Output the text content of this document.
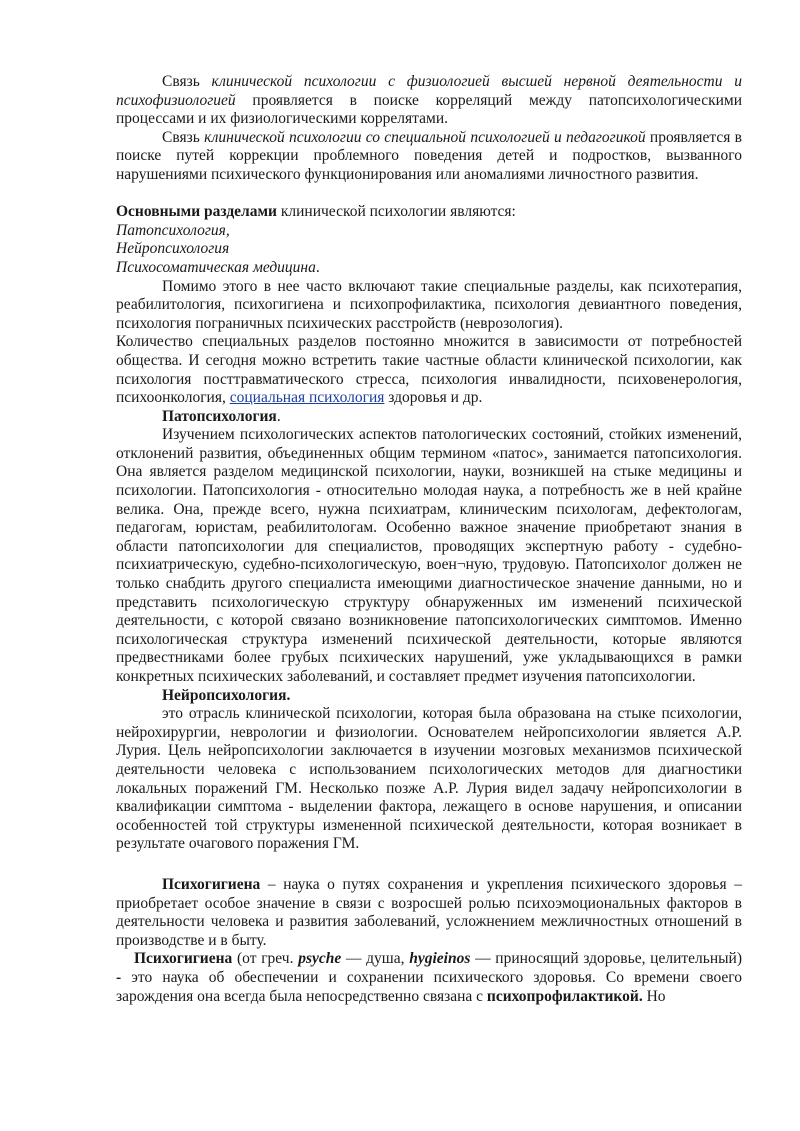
Связь клинической психологии с физиологией высшей нервной деятельности и психофизиологией проявляется в поиске корреляций между патопсихологическими процессами и их физиологическими коррелятами.

Связь клинической психологии со специальной психологией и педагогикой проявляется в поиске путей коррекции проблемного поведения детей и подростков, вызванного нарушениями психического функционирования или аномалиями личностного развития.

Основными разделами клинической психологии являются:

Патопсихология,

Нейропсихология

Психосоматическая медицина.

Помимо этого в нее часто включают такие специальные разделы, как психотерапия, реабилитология, психогигиена и психопрофилактика, психология девиантного поведения, психология пограничных психических расстройств (неврозология).

Количество специальных разделов постоянно множится в зависимости от потребностей общества. И сегодня можно встретить такие частные области клинической психологии, как психология посттравматического стресса, психология инвалидности, психовенерология, психоонкология, социальная психология здоровья и др.

Патопсихология.

Изучением психологических аспектов патологических состояний, стойких изменений, отклонений развития, объединенных общим термином «патос», занимается патопсихология. Она является разделом медицинской психологии, науки, возникшей на стыке медицины и психологии. Патопсихология - относительно молодая наука, а потребность же в ней крайне велика. Она, прежде всего, нужна психиатрам, клиническим психологам, дефектологам, педагогам, юристам, реабилитологам. Особенно важное значение приобретают знания в области патопсихологии для специалистов, проводящих экспертную работу - судебно-психиатрическую, судебно-психологическую, воен¬ную, трудовую. Патопсихолог должен не только снабдить другого специалиста имеющими диагностическое значение данными, но и представить психологическую структуру обнаруженных им изменений психической деятельности, с которой связано возникновение патопсихологических симптомов. Именно психологическая структура изменений психической деятельности, которые являются предвестниками более грубых психических нарушений, уже укладывающихся в рамки конкретных психических заболеваний, и составляет предмет изучения патопсихологии.

Нейропсихология.

это отрасль клинической психологии, которая была образована на стыке психологии, нейрохирургии, неврологии и физиологии. Основателем нейропсихологии является А.Р. Лурия. Цель нейропсихологии заключается в изучении мозговых механизмов психической деятельности человека с использованием психологических методов для диагностики локальных поражений ГМ. Несколько позже А.Р. Лурия видел задачу нейропсихологии в квалификации симптома - выделении фактора, лежащего в основе нарушения, и описании особенностей той структуры измененной психической деятельности, которая возникает в результате очагового поражения ГМ.

Психогигиена – наука о путях сохранения и укрепления психического здоровья – приобретает особое значение в связи с возросшей ролью психоэмоциональных факторов в деятельности человека и развития заболеваний, усложнением межличностных отношений в производстве и в быту.

Психогигиена (от греч. psyche — душа, hygieinos — приносящий здоровье, целительный) - это наука об обеспечении и сохранении психического здоровья. Со времени своего зарождения она всегда была непосредственно связана с психопрофилактикой. Но
